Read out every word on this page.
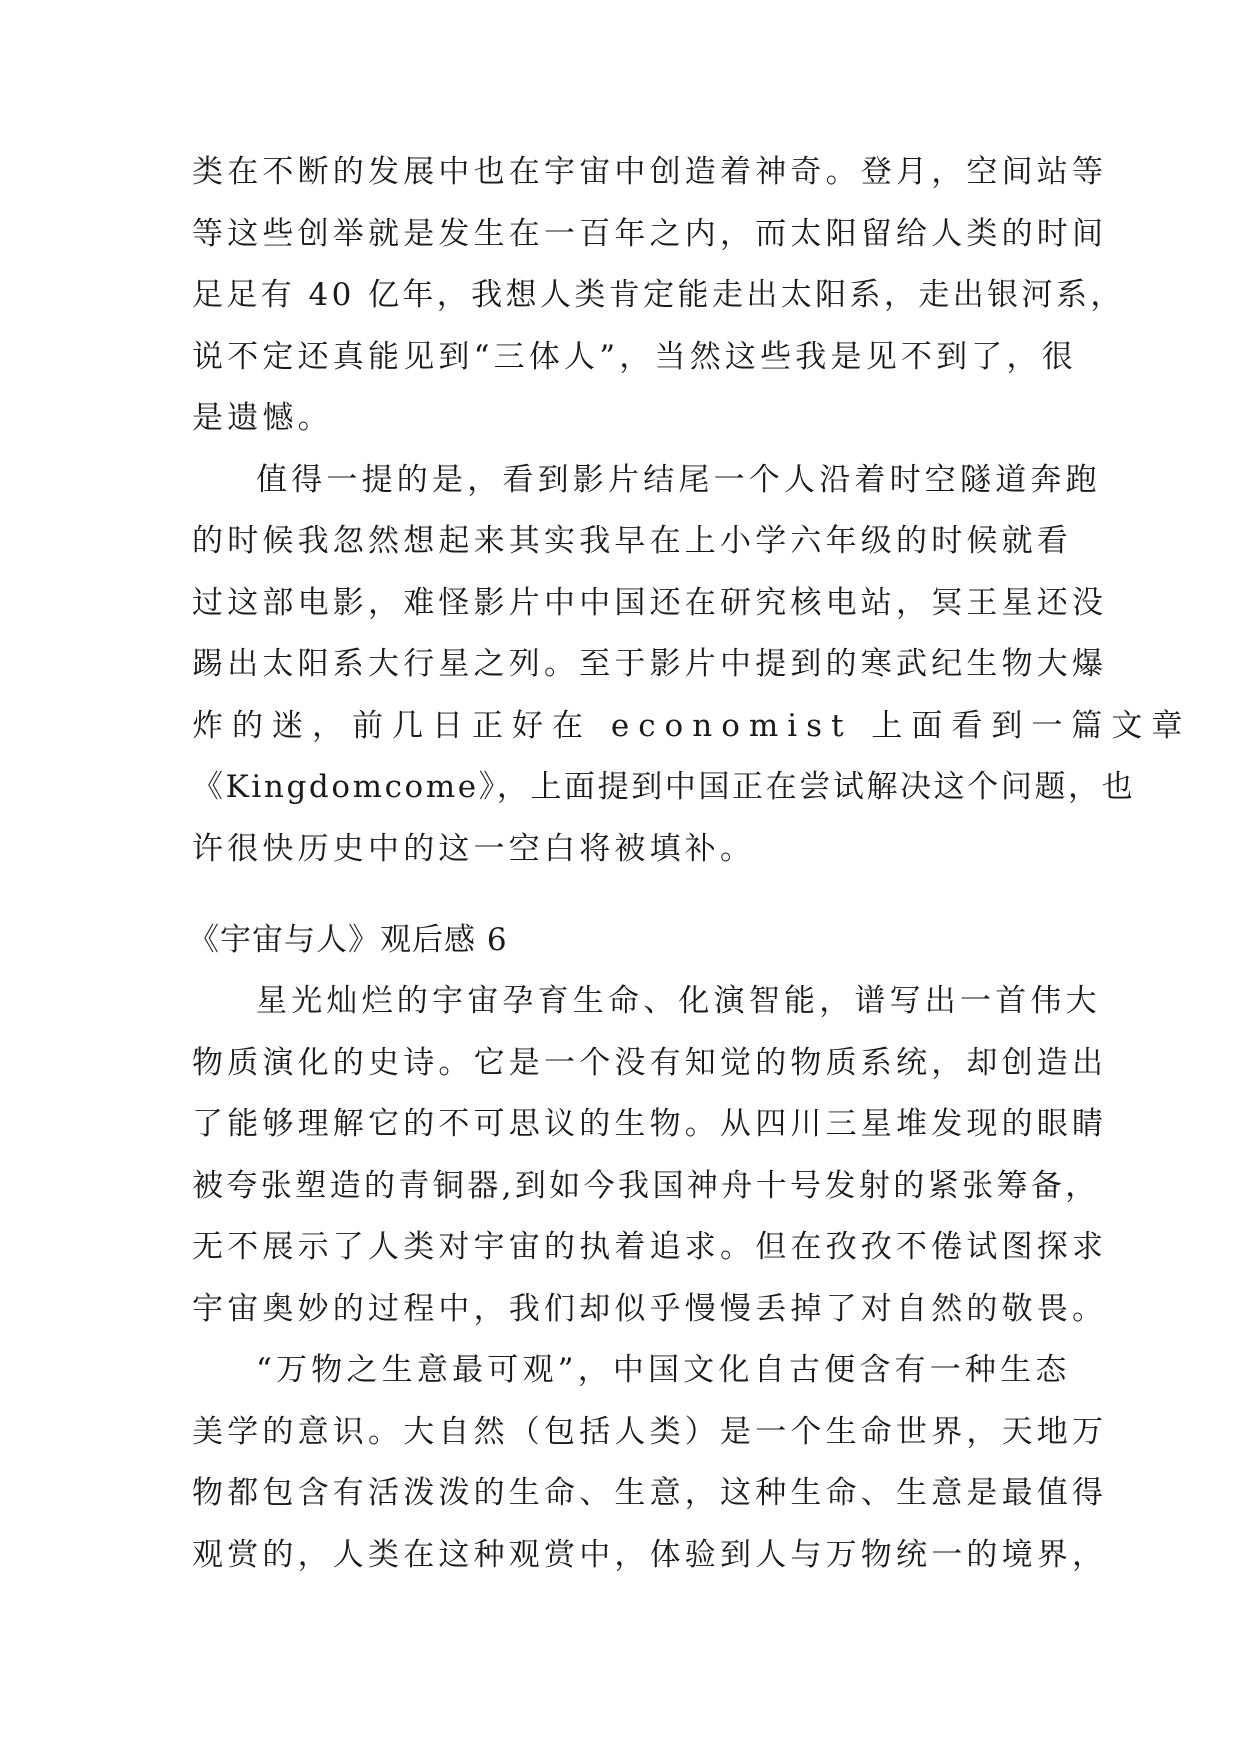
类在不断的发展中也在宇宙中创造着神奇。登月，空间站等
等这些创举就是发生在一百年之内，而太阳留给人类的时间
足足有 40 亿年，我想人类肯定能走出太阳系，走出银河系，
说不定还真能见到“三体人”，当然这些我是见不到了，很
是遗憾。
值得一提的是，看到影片结尾一个人沿着时空隧道奔跑
的时候我忽然想起来其实我早在上小学六年级的时候就看
过这部电影，难怪影片中中国还在研究核电站，冥王星还没
踢出太阳系大行星之列。至于影片中提到的寒武纪生物大爆
炸的迷，前几日正好在 economist 上面看到一篇文章
《Kingdomcome》，上面提到中国正在尝试解决这个问题，也
许很快历史中的这一空白将被填补。
《宇宙与人》观后感 6
星光灿烂的宇宙孕育生命、化演智能，谱写出一首伟大
物质演化的史诗。它是一个没有知觉的物质系统，却创造出
了能够理解它的不可思议的生物。从四川三星堆发现的眼睛
被夸张塑造的青铜器,到如今我国神舟十号发射的紧张筹备，
无不展示了人类对宇宙的执着追求。但在孜孜不倦试图探求
宇宙奥妙的过程中，我们却似乎慢慢丢掉了对自然的敬畏。
“万物之生意最可观”，中国文化自古便含有一种生态
美学的意识。大自然（包括人类）是一个生命世界，天地万
物都包含有活泼泼的生命、生意，这种生命、生意是最值得
观赏的，人类在这种观赏中，体验到人与万物统一的境界，
